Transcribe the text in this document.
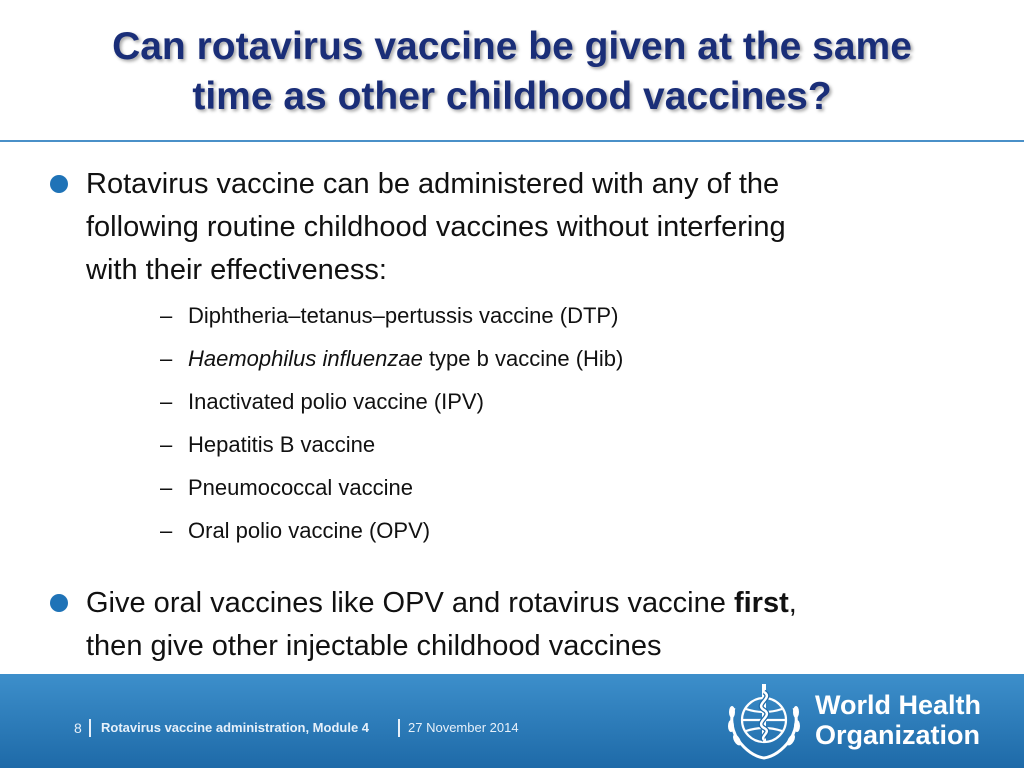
Can rotavirus vaccine be given at the same
time as other childhood vaccines?
Rotavirus vaccine can be administered with any of the
following routine childhood vaccines without interfering
with their effectiveness:
– Diphtheria–tetanus–pertussis vaccine (DTP)
– Haemophilus influenzae type b vaccine (Hib)
– Inactivated polio vaccine (IPV)
– Hepatitis B vaccine
– Pneumococcal vaccine
– Oral polio vaccine (OPV)
Give oral vaccines like OPV and rotavirus vaccine first,
then give other injectable childhood vaccines
8 Rotavirus vaccine administration, Module 4	27 November 2014
World Health
Organization
